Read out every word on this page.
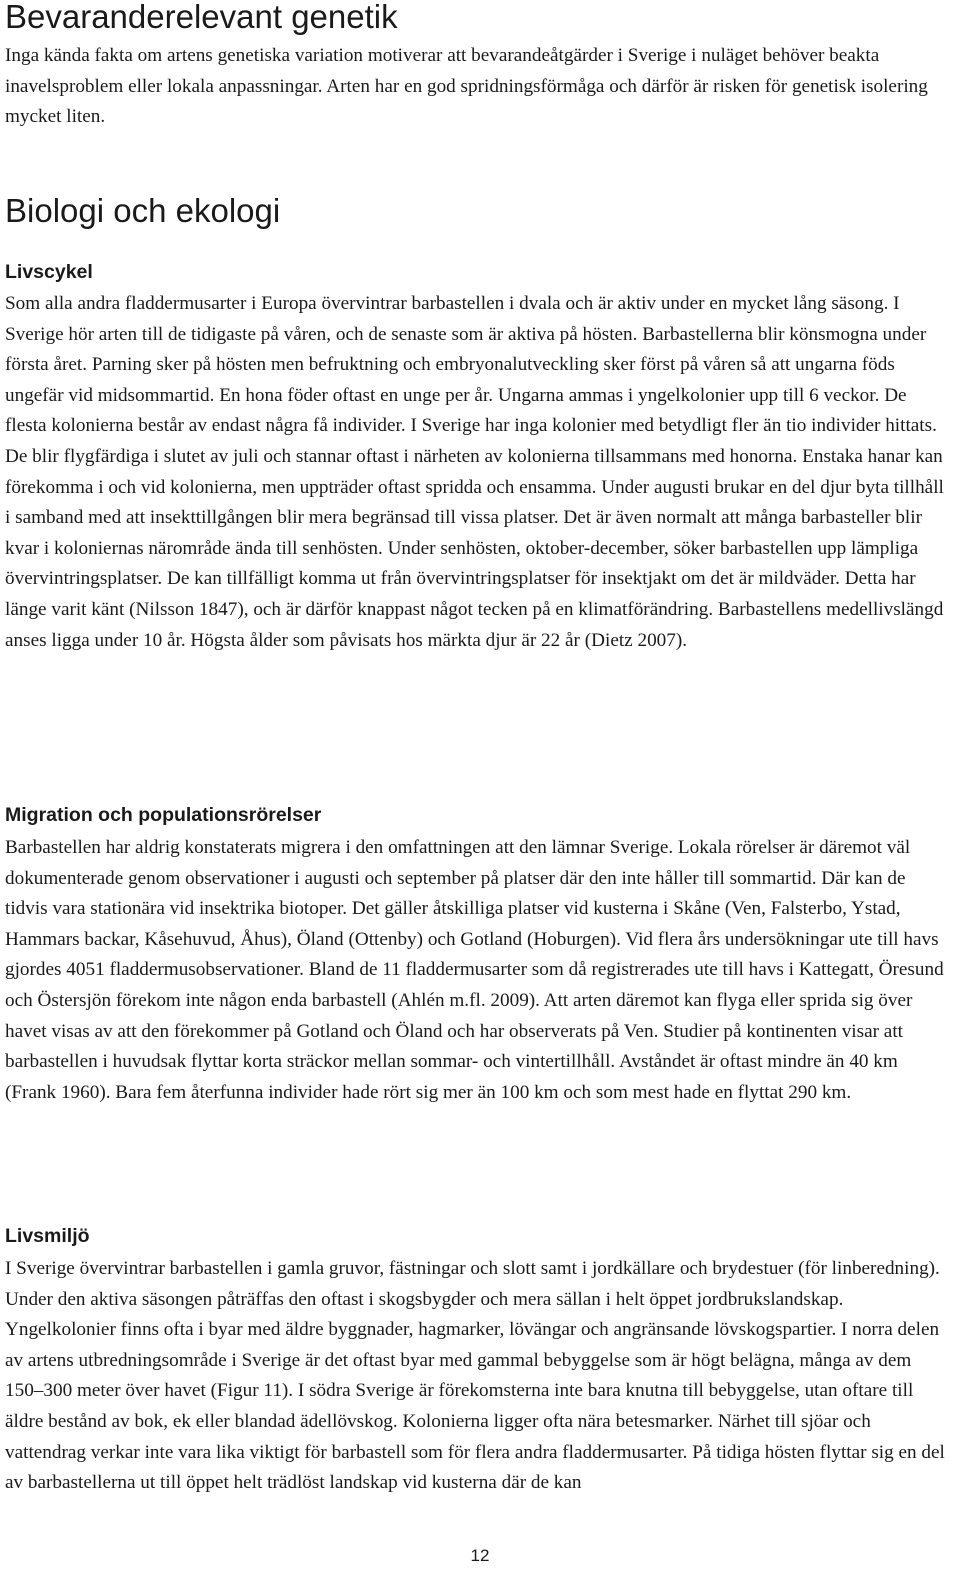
Bevaranderelevant genetik

Inga kända fakta om artens genetiska variation motiverar att bevarandeåtgärder i Sverige i nuläget behöver beakta inavelsproblem eller lokala anpassningar. Arten har en god spridningsförmåga och därför är risken för genetisk isolering mycket liten.

Biologi och ekologi
Livscykel

Som alla andra fladdermusarter i Europa övervintrar barbastellen i dvala och är aktiv under en mycket lång säsong. I Sverige hör arten till de tidigaste på våren, och de senaste som är aktiva på hösten. Barbastellerna blir könsmogna under första året. Parning sker på hösten men befruktning och embryonalutveckling sker först på våren så att ungarna föds ungefär vid midsommartid. En hona föder oftast en unge per år. Ungarna ammas i yngelkolonier upp till 6 veckor. De flesta kolonierna består av endast några få individer. I Sverige har inga kolonier med betydligt fler än tio individer hittats. De blir flygfärdiga i slutet av juli och stannar oftast i närheten av kolonierna tillsammans med honorna. Enstaka hanar kan förekomma i och vid kolonierna, men uppträder oftast spridda och ensamma. Under augusti brukar en del djur byta tillhåll i samband med att insekttillgången blir mera begränsad till vissa platser. Det är även normalt att många barbasteller blir kvar i koloniernas närområde ända till senhösten. Under senhösten, oktober-december, söker barbastellen upp lämpliga övervintringsplatser. De kan tillfälligt komma ut från övervintringsplatser för insektjakt om det är mildväder. Detta har länge varit känt (Nilsson 1847), och är därför knappast något tecken på en klimatförändring. Barbastellens medellivslängd anses ligga under 10 år. Högsta ålder som påvisats hos märkta djur är 22 år (Dietz 2007).

Migration och populationsrörelser

Barbastellen har aldrig konstaterats migrera i den omfattningen att den lämnar Sverige. Lokala rörelser är däremot väl dokumenterade genom observationer i augusti och september på platser där den inte håller till sommartid. Där kan de tidvis vara stationära vid insektrika biotoper. Det gäller åtskilliga platser vid kusterna i Skåne (Ven, Falsterbo, Ystad, Hammars backar, Kåsehuvud, Åhus), Öland (Ottenby) och Gotland (Hoburgen). Vid flera års undersökningar ute till havs gjordes 4051 fladdermusobservationer. Bland de 11 fladdermusarter som då registrerades ute till havs i Kattegatt, Öresund och Östersjön förekom inte någon enda barbastell (Ahlén m.fl. 2009). Att arten däremot kan flyga eller sprida sig över havet visas av att den förekommer på Gotland och Öland och har observerats på Ven. Studier på kontinenten visar att barbastellen i huvudsak flyttar korta sträckor mellan sommar- och vintertillhåll. Avståndet är oftast mindre än 40 km (Frank 1960). Bara fem återfunna individer hade rört sig mer än 100 km och som mest hade en flyttat 290 km.

Livsmiljö

I Sverige övervintrar barbastellen i gamla gruvor, fästningar och slott samt i jordkällare och brydestuer (för linberedning). Under den aktiva säsongen påträffas den oftast i skogsbygder och mera sällan i helt öppet jordbrukslandskap. Yngelkolonier finns ofta i byar med äldre byggnader, hagmarker, lövängar och angränsande lövskogspartier. I norra delen av artens utbredningsområde i Sverige är det oftast byar med gammal bebyggelse som är högt belägna, många av dem 150–300 meter över havet (Figur 11). I södra Sverige är förekomsterna inte bara knutna till bebyggelse, utan oftare till äldre bestånd av bok, ek eller blandad ädellövskog. Kolonierna ligger ofta nära betesmarker. Närhet till sjöar och vattendrag verkar inte vara lika viktigt för barbastell som för flera andra fladdermusarter. På tidiga hösten flyttar sig en del av barbastellerna ut till öppet helt trädlöst landskap vid kusterna där de kan

12
